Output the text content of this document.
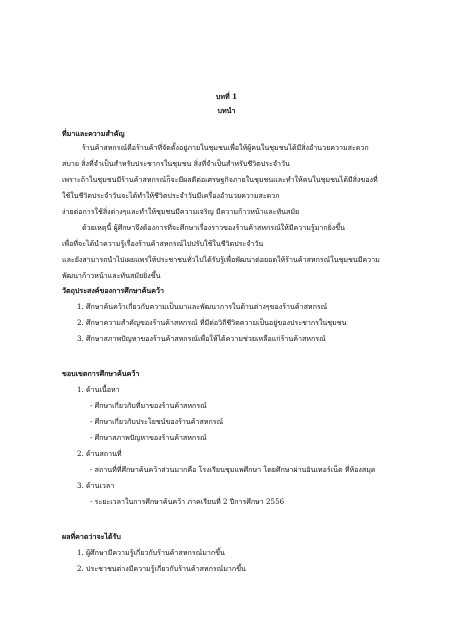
บทที่ 1
บทนำ
ที่มาและความสำคัญ
ร้านค้าสหกรณ์คือร้านค้าที่จัดตั้งอยู่ภายในชุมชนเพื่อให้ผู้คนในชุมชนได้มีสิ่งอำนวยความสะดวก
สบาย สิ่งที่จำเป็นสำหรับประชากรในชุมชน สิ่งที่จำเป็นสำหรับชีวิตประจำวัน
เพราะถ้าในชุมชนมีร้านค้าสหกรณ์ก็จะมีผลดีต่อเศรษฐกิจภายในชุมชนและทำให้คนในชุมชนได้มีสิ่งของที่
ใช้ในชีวิตประจำวันจะได้ทำให้ชีวิตประจำวันมีเครื่องอำนวยความสะดวก
ง่ายต่อการใช้สิ่งต่างๆและทำให้ชุมชนมีความเจริญ มีความก้าวหน้าและทันสมัย
ด้วยเหตุนี้ ผู้ศึกษาจึงต้องการที่จะศึกษาเรื่องราวของร้านค้าสหกรณ์ให้มีความรู้มากยิ่งขึ้น
เพื่อที่จะได้นำความรู้เรื่องร้านค้าสหกรณ์ไปปรับใช้ในชีวิตประจำวัน
และยังสามารถนำไปเผยแพร่ให้ประชาชนทั่วไปได้รับรู้เพื่อพัฒนาต่อยอดให้ร้านค้าสหกรณ์ในชุมชนมีความ
พัฒนาก้าวหน้าและทันสมัยยิ่งขึ้น
วัตถุประสงค์ของการศึกษาค้นคว้า
1. ศึกษาค้นคว้าเกี่ยวกับความเป็นมาและพัฒนาการในด้านต่างๆของร้านค้าสหกรณ์
2. ศึกษาความสำคัญของร้านค้าสหกรณ์ ที่มีต่อวิถีชีวิตความเป็นอยู่ของประชากรในชุมชน
3. ศึกษาสภาพปัญหาของร้านค้าสหกรณ์เพื่อให้ได้ความช่วยเหลือแก่ร้านค้าสหกรณ์
ขอบเขตการศึกษาค้นคว้า
1. ด้านเนื้อหา
- ศึกษาเกี่ยวกับที่มาของร้านค้าสหกรณ์
- ศึกษาเกี่ยวกับประโยชน์ของร้านค้าสหกรณ์
- ศึกษาสภาพปัญหาของร้านค้าสหกรณ์
2. ด้านสถานที่
- สถานที่ที่ศึกษาค้นคว้าส่วนมากคือ โรงเรียนชุมแพศึกษา โดยศึกษาผ่านอินเทอร์เน็ต ที่ห้องสมุด
3. ด้านเวลา
- ระยะเวลาในการศึกษาค้นคว้า ภาคเรียนที่ 2 ปีการศึกษา 2556
ผลที่คาดว่าจะได้รับ
1. ผู้ศึกษามีความรู้เกี่ยวกับร้านค้าสหกรณ์มากขึ้น
2. ประชาชนต่างมีความรู้เกี่ยวกับร้านค้าสหกรณ์มากขึ้น
